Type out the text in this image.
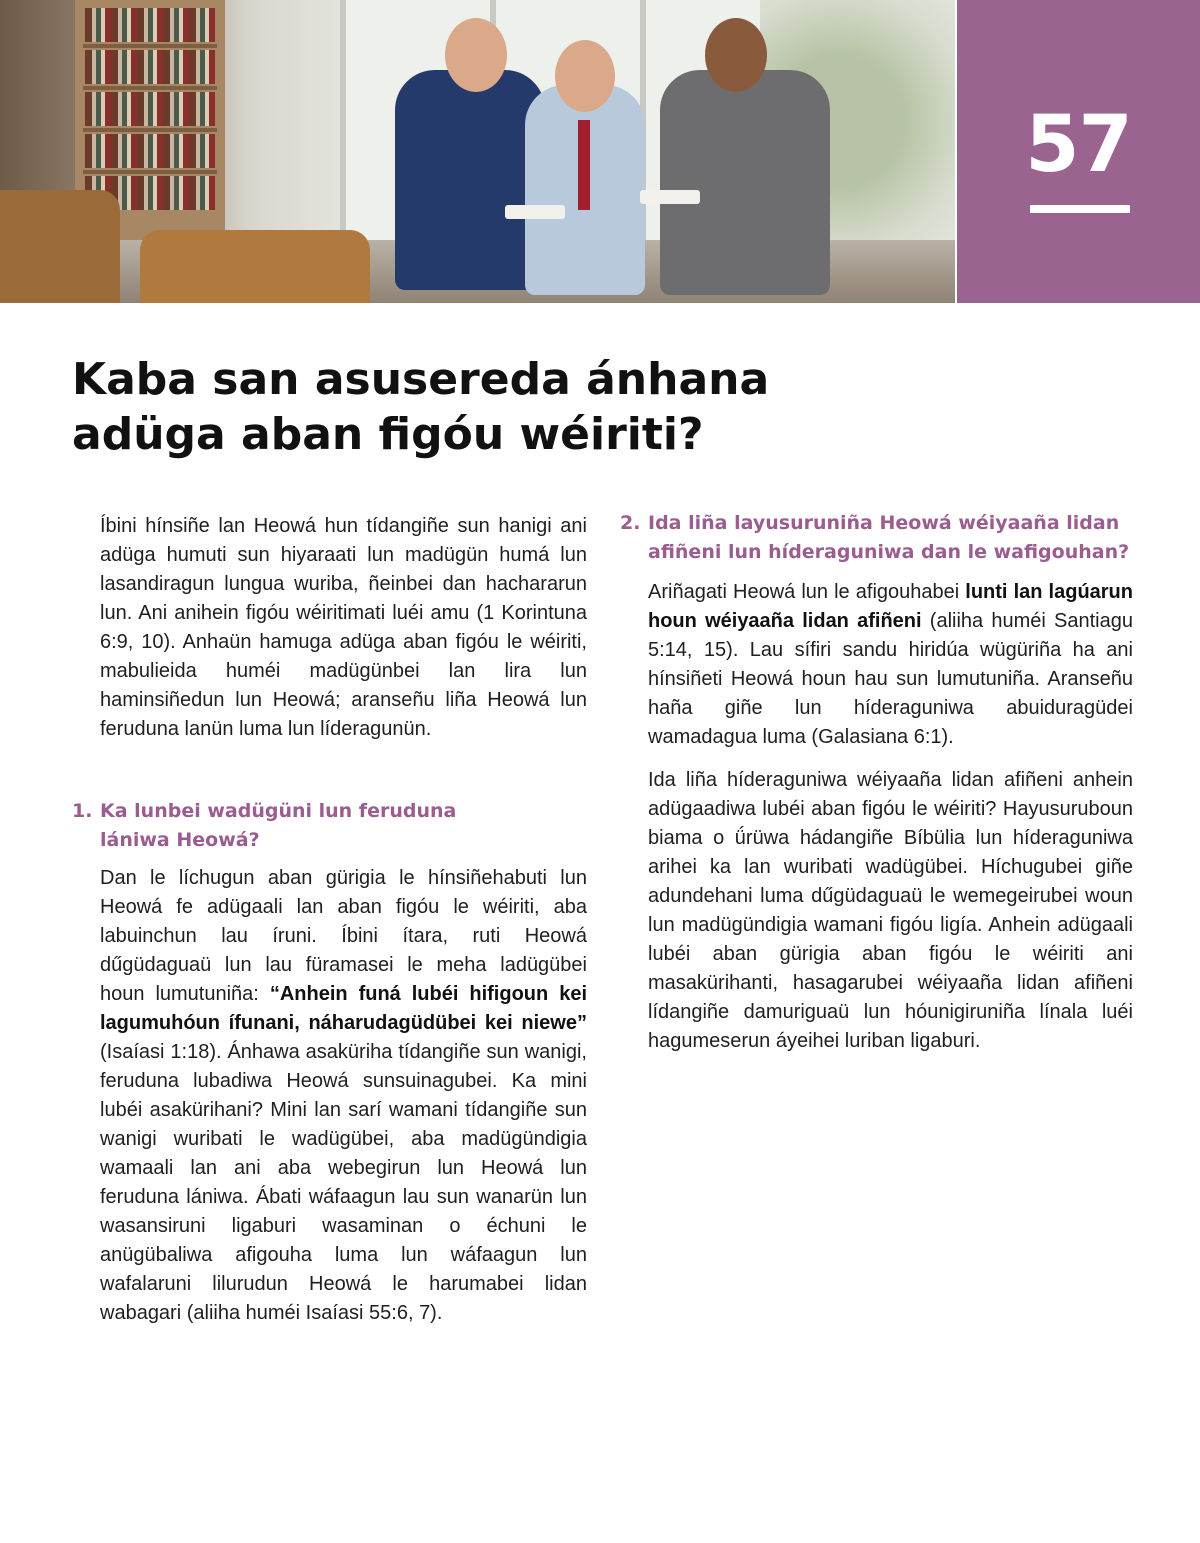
57
Kaba san asusereda ánhana adüga aban figóu wéiriti?

Íbini hínsiñe lan Heowá hun tídangiñe sun hanigi ani adüga humuti sun hiyaraati lun madügün humá lun lasandiragun lungua wuriba, ñeinbei dan hachararun lun. Ani anihein figóu wéiritimati luéi amu (1 Korintuna 6:9, 10). Anhaün hamuga adüga aban figóu le wéiriti, mabulieida huméi madügünbei lan lira lun haminsiñedun lun Heowá; aranseñu liña Heowá lun feruduna lanün luma lun líderagunün.

1. Ka lunbei wadügüni lun feruduna lániwa Heowá?

Dan le líchugun aban gürigia le hínsiñehabuti lun Heowá fe adügaali lan aban figóu le wéiriti, aba labuinchun lau íruni. Íbini ítara, ruti Heowá dűgüdaguaü lun lau füramasei le meha ladügübei houn lumutuniña: “Anhein funá lubéi hifigoun kei lagumuhóun ífunani, náharudagüdübei kei niewe” (Isaíasi 1:18). Ánhawa asaküriha tídangiñe sun wanigi, feruduna lubadiwa Heowá sunsuinagubei. Ka mini lubéi asakürihani? Mini lan sarí wamani tídangiñe sun wanigi wuribati le wadügübei, aba madügündigia wamaali lan ani aba webegirun lun Heowá lun feruduna lániwa. Ábati wáfaagun lau sun wanarün lun wasansiruni ligaburi wasaminan o échuni le anügübaliwa afigouha luma lun wáfaagun lun wafalaruni lilurudun Heowá le harumabei lidan wabagari (aliiha huméi Isaíasi 55:6, 7).

2. Ida liña layusuruniña Heowá wéiyaaña lidan afiñeni lun híderaguniwa dan le wafigouhan?

Ariñagati Heowá lun le afigouhabei lunti lan lagúarun houn wéiyaaña lidan afiñeni (aliiha huméi Santiagu 5:14, 15). Lau sífiri sandu hiridúa wügüriña ha ani hínsiñeti Heowá houn hau sun lumutuniña. Aranseñu haña giñe lun híderaguniwa abuiduragüdei wamadagua luma (Galasiana 6:1).

Ida liña híderaguniwa wéiyaaña lidan afiñeni anhein adügaadiwa lubéi aban figóu le wéiriti? Hayusuruboun biama o ǘrüwa hádangiñe Bíbülia lun híderaguniwa arihei ka lan wuribati wadügübei. Híchugubei giñe adundehani luma dűgüdaguaü le wemegeirubei woun lun madügündigia wamani figóu ligía. Anhein adügaali lubéi aban gürigia aban figóu le wéiriti ani masakürihanti, hasagarubei wéiyaaña lidan afiñeni lídangiñe damuriguaü lun hóunigiruniña línala luéi hagumeserun áyeihei luriban ligaburi.
